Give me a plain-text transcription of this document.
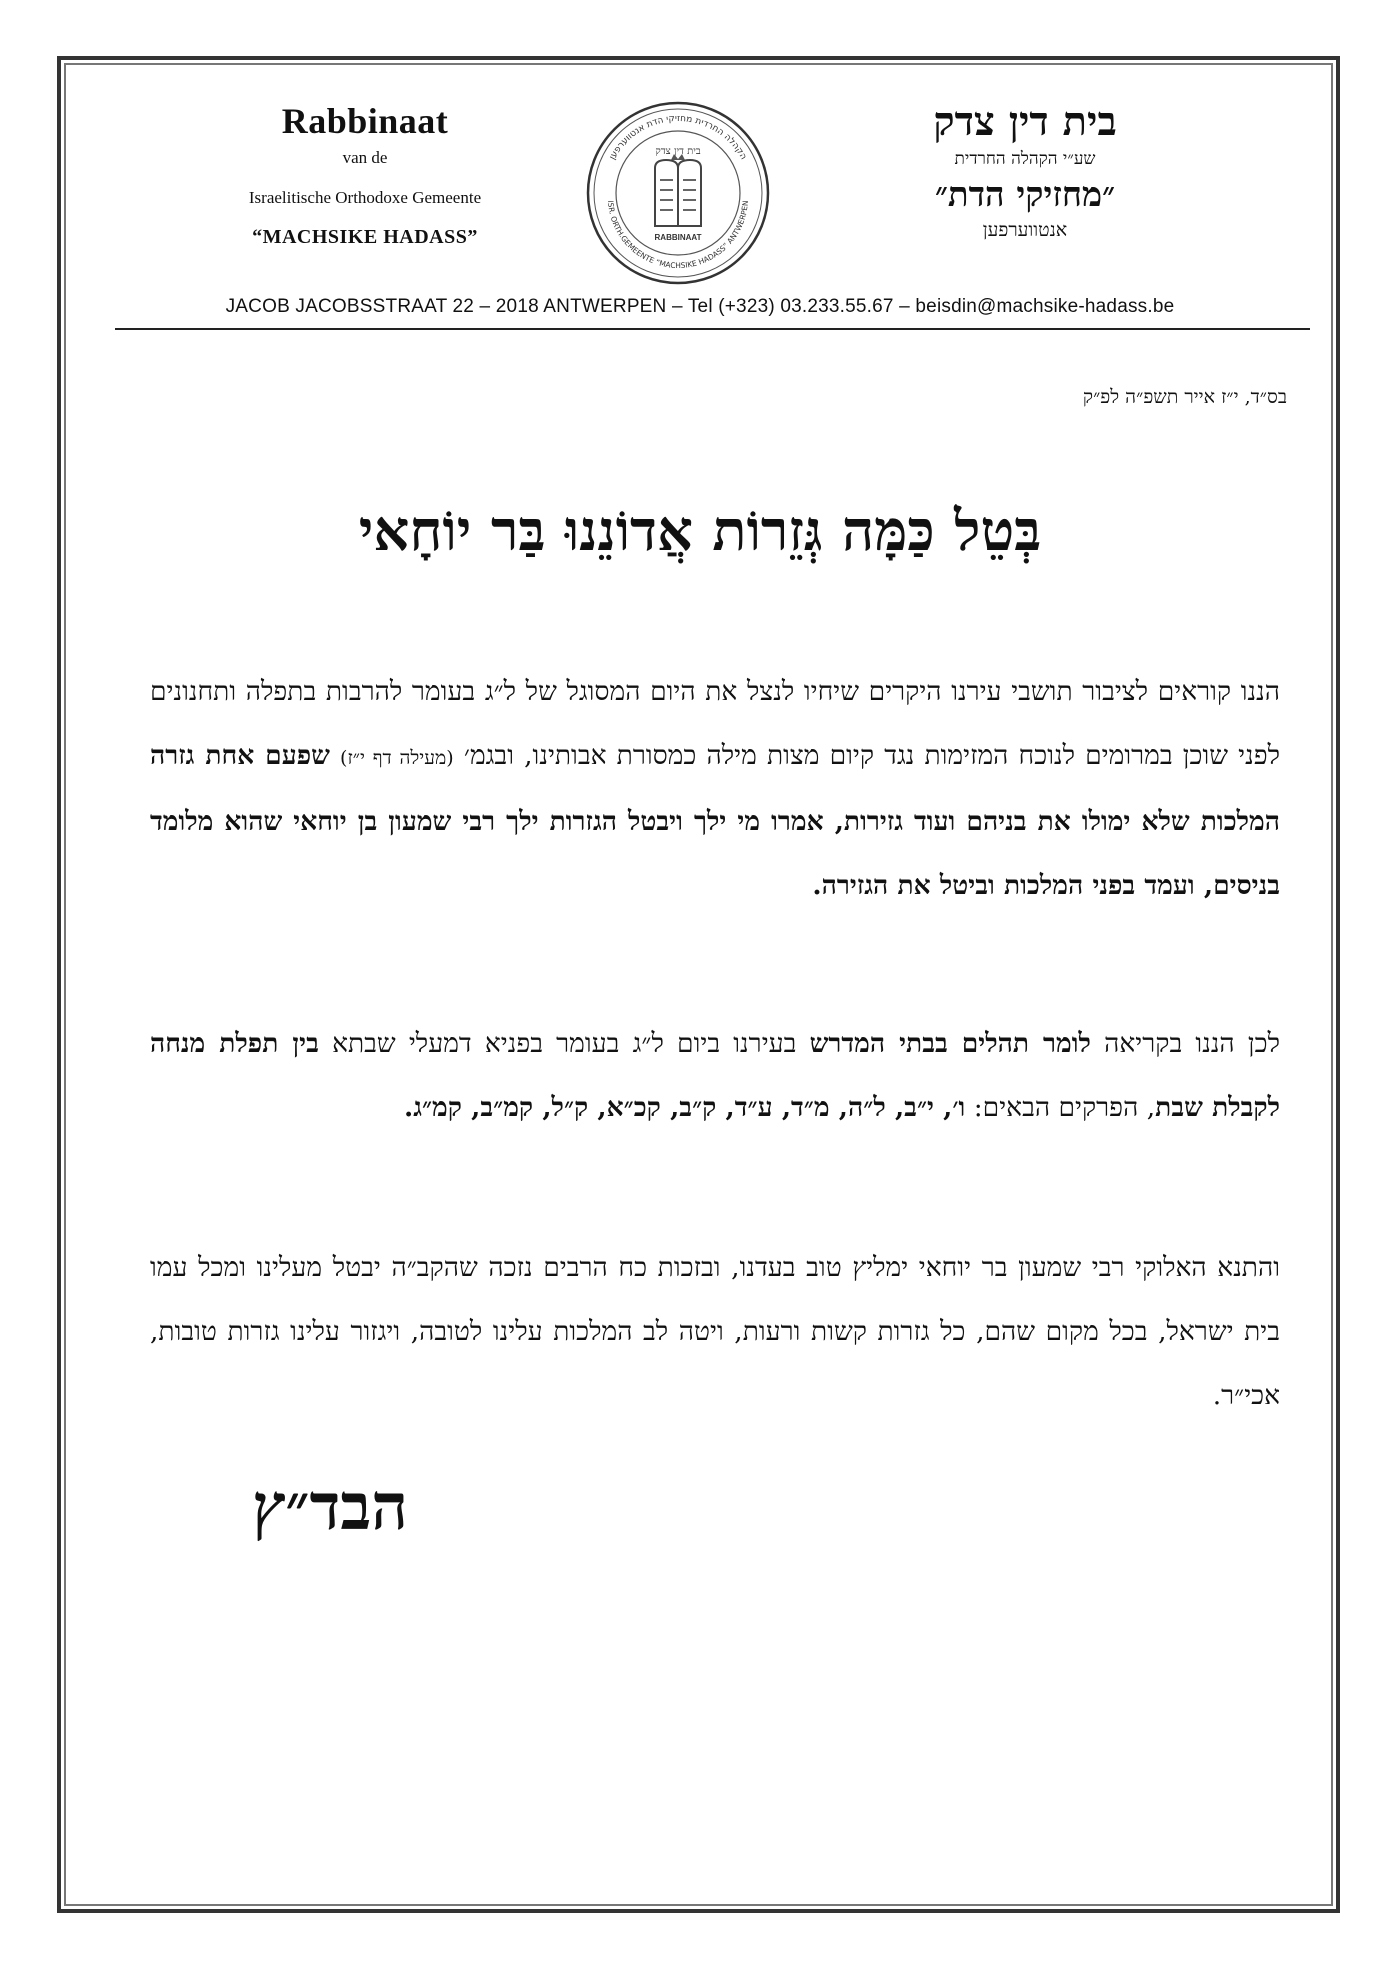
Rabbinaat
van de
Israelitische Orthodoxe Gemeente
“MACHSIKE HADASS”
הקהלה החרדית מחזיקי הדת אנטווערפען
ISR. ORTH.GEMEENTE “MACHSIKE HADASS” ANTWERPEN
בית דין צדק
RABBINAAT
בית דין צדק
שע״י הקהלה החרדית
״מחזיקי הדת״
אנטווערפען
JACOB JACOBSSTRAAT 22 – 2018 ANTWERPEN – Tel (+323) 03.233.55.67 – beisdin@machsike-hadass.be
בס״ד, י״ז אייר תשפ״ה לפ״ק
בְּטֵל כַּמָּה גְּזֵרוֹת אֲדוֹנֵנוּ בַּר יוֹחָאי
הננו קוראים לציבור תושבי עירנו היקרים שיחיו לנצל את היום המסוגל של ל״ג בעומר להרבות בתפלה ותחנונים לפני שוכן במרומים לנוכח המזימות נגד קיום מצות מילה כמסורת אבותינו, ובגמ׳ (מעילה דף י״ז) שפעם אחת גזרה המלכות שלא ימולו את בניהם ועוד גזירות, אמרו מי ילך ויבטל הגזרות ילך רבי שמעון בן יוחאי שהוא מלומד בניסים, ועמד בפני המלכות וביטל את הגזירה.
לכן הננו בקריאה לומר תהלים בבתי המדרש בעירנו ביום ל״ג בעומר בפניא דמעלי שבתא בין תפלת מנחה לקבלת שבת, הפרקים הבאים: ו׳, י״ב, ל״ה, מ״ד, ע״ד, ק״ב, קכ״א, ק״ל, קמ״ב, קמ״ג.
והתנא האלוקי רבי שמעון בר יוחאי ימליץ טוב בעדנו, ובזכות כח הרבים נזכה שהקב״ה יבטל מעלינו ומכל עמו בית ישראל, בכל מקום שהם, כל גזרות קשות ורעות, ויטה לב המלכות עלינו לטובה, ויגזור עלינו גזרות טובות, אכי״ר.
הבד״ץ
